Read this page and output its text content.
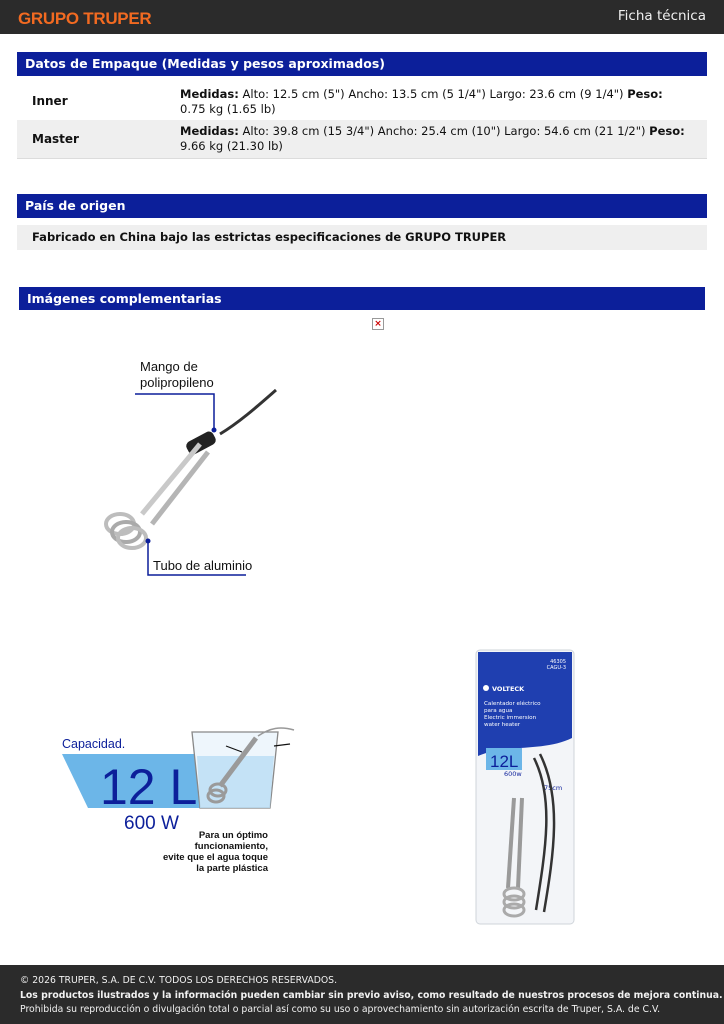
GRUPO TRUPER	Ficha técnica
Datos de Empaque (Medidas y pesos aproximados)
Inner	Medidas: Alto: 12.5 cm (5") Ancho: 13.5 cm (5 1/4") Largo: 23.6 cm (9 1/4") Peso: 0.75 kg (1.65 lb)
Master
Medidas: Alto: 39.8 cm (15 3/4") Ancho: 25.4 cm (10") Largo: 54.6 cm (21 1/2") Peso: 9.66 kg (21.30 lb)
País de origen
Fabricado en China bajo las estrictas especificaciones de GRUPO TRUPER
Imágenes complementarias
×
Mango de
polipropileno
Tubo de aluminio
Capacidad.
12 L
600 W
Para un óptimo
funcionamiento,
evite que el agua toque
la parte plástica
46305
CAGU-3
VOLTECK
Calentador eléctrico
para agua
Electric immersion
water heater
12L
600w
75cm
© 2026 TRUPER, S.A. DE C.V. TODOS LOS DERECHOS RESERVADOS.
Los productos ilustrados y la información pueden cambiar sin previo aviso, como resultado de nuestros procesos de mejora continua.
Prohibida su reproducción o divulgación total o parcial así como su uso o aprovechamiento sin autorización escrita de Truper, S.A. de C.V.
